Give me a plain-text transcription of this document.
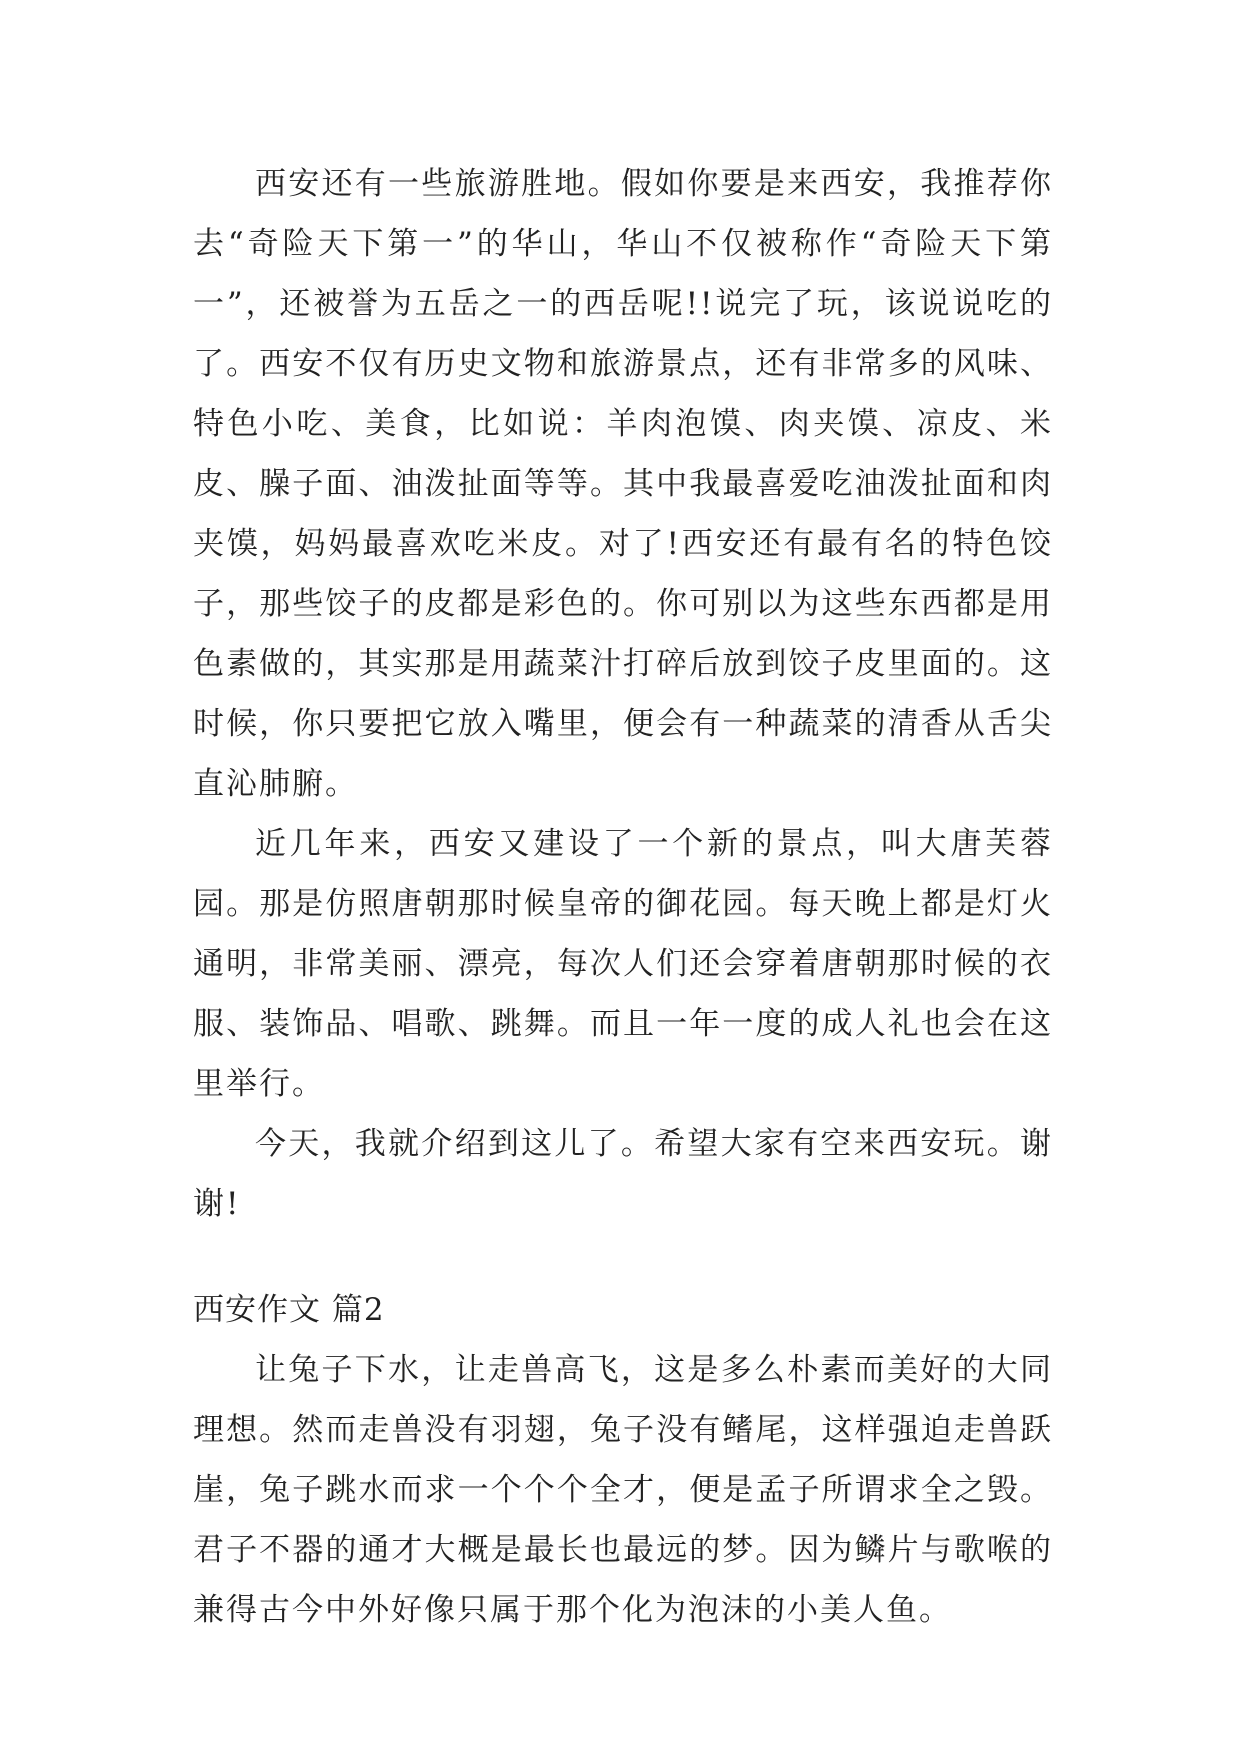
西安还有一些旅游胜地。假如你要是来西安，我推荐你去“奇险天下第一”的华山，华山不仅被称作“奇险天下第一”，还被誉为五岳之一的西岳呢!!说完了玩，该说说吃的了。西安不仅有历史文物和旅游景点，还有非常多的风味、特色小吃、美食，比如说：羊肉泡馍、肉夹馍、凉皮、米皮、臊子面、油泼扯面等等。其中我最喜爱吃油泼扯面和肉夹馍，妈妈最喜欢吃米皮。对了!西安还有最有名的特色饺子，那些饺子的皮都是彩色的。你可别以为这些东西都是用色素做的，其实那是用蔬菜汁打碎后放到饺子皮里面的。这时候，你只要把它放入嘴里，便会有一种蔬菜的清香从舌尖直沁肺腑。

近几年来，西安又建设了一个新的景点，叫大唐芙蓉园。那是仿照唐朝那时候皇帝的御花园。每天晚上都是灯火通明，非常美丽、漂亮，每次人们还会穿着唐朝那时候的衣服、装饰品、唱歌、跳舞。而且一年一度的成人礼也会在这里举行。

今天，我就介绍到这儿了。希望大家有空来西安玩。谢谢!

西安作文 篇2

让兔子下水，让走兽高飞，这是多么朴素而美好的大同理想。然而走兽没有羽翅，兔子没有鳍尾，这样强迫走兽跃崖，兔子跳水而求一个个个全才，便是孟子所谓求全之毁。君子不器的通才大概是最长也最远的梦。因为鳞片与歌喉的兼得古今中外好像只属于那个化为泡沫的小美人鱼。
